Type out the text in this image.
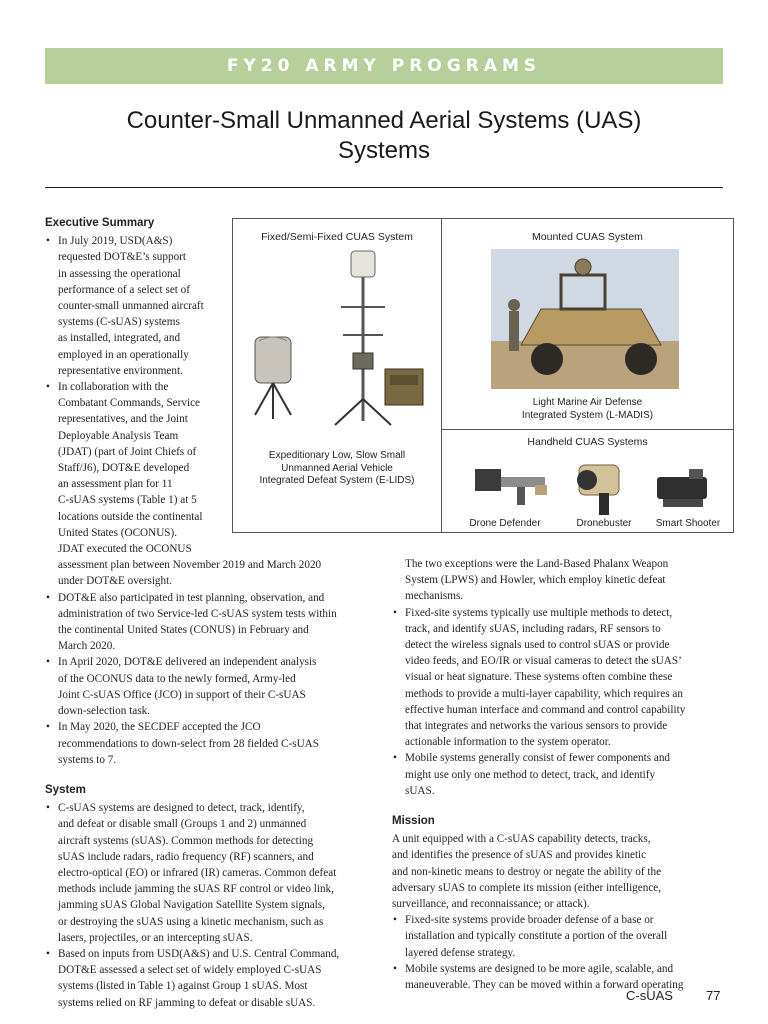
FY20 ARMY PROGRAMS
Counter-Small Unmanned Aerial Systems (UAS)
Systems
Fixed/Semi-Fixed CUAS System
Expeditionary Low, Slow Small
Unmanned Aerial Vehicle
Integrated Defeat System (E-LIDS)
Mounted CUAS System
Light Marine Air Defense
Integrated System (L-MADIS)
Handheld CUAS Systems
Drone Defender	Dronebuster	Smart Shooter
Executive Summary
• In July 2019, USD(A&S)
requested DOT&E’s support
in assessing the operational
performance of a select set of
counter-small unmanned aircraft
systems (C-sUAS) systems
as installed, integrated, and
employed in an operationally
representative environment.
• In collaboration with the
Combatant Commands, Service
representatives, and the Joint
Deployable Analysis Team
(JDAT) (part of Joint Chiefs of
Staff/J6), DOT&E developed
an assessment plan for 11
C-sUAS systems (Table 1) at 5
locations outside the continental
United States (OCONUS).
JDAT executed the OCONUS
assessment plan between November 2019 and March 2020
under DOT&E oversight.
• DOT&E also participated in test planning, observation, and
administration of two Service-led C-sUAS system tests within
the continental United States (CONUS) in February and
March 2020.
• In April 2020, DOT&E delivered an independent analysis
of the OCONUS data to the newly formed, Army-led
Joint C-sUAS Office (JCO) in support of their C-sUAS
down-selection task.
• In May 2020, the SECDEF accepted the JCO
recommendations to down-select from 28 fielded C-sUAS
systems to 7.
System
• C-sUAS systems are designed to detect, track, identify,
and defeat or disable small (Groups 1 and 2) unmanned
aircraft systems (sUAS). Common methods for detecting
sUAS include radars, radio frequency (RF) scanners, and
electro-optical (EO) or infrared (IR) cameras. Common defeat
methods include jamming the sUAS RF control or video link,
jamming sUAS Global Navigation Satellite System signals,
or destroying the sUAS using a kinetic mechanism, such as
lasers, projectiles, or an intercepting sUAS.
• Based on inputs from USD(A&S) and U.S. Central Command,
DOT&E assessed a select set of widely employed C-sUAS
systems (listed in Table 1) against Group 1 sUAS. Most
systems relied on RF jamming to defeat or disable sUAS.
The two exceptions were the Land-Based Phalanx Weapon
System (LPWS) and Howler, which employ kinetic defeat
mechanisms.
• Fixed-site systems typically use multiple methods to detect,
track, and identify sUAS, including radars, RF sensors to
detect the wireless signals used to control sUAS or provide
video feeds, and EO/IR or visual cameras to detect the sUAS’
visual or heat signature. These systems often combine these
methods to provide a multi-layer capability, which requires an
effective human interface and command and control capability
that integrates and networks the various sensors to provide
actionable information to the system operator.
• Mobile systems generally consist of fewer components and
might use only one method to detect, track, and identify
sUAS.
Mission
A unit equipped with a C-sUAS capability detects, tracks,
and identifies the presence of sUAS and provides kinetic
and non-kinetic means to destroy or negate the ability of the
adversary sUAS to complete its mission (either intelligence,
surveillance, and reconnaissance; or attack).
• Fixed-site systems provide broader defense of a base or
installation and typically constitute a portion of the overall
layered defense strategy.
• Mobile systems are designed to be more agile, scalable, and
maneuverable. They can be moved within a forward operating
C-sUAS	77
